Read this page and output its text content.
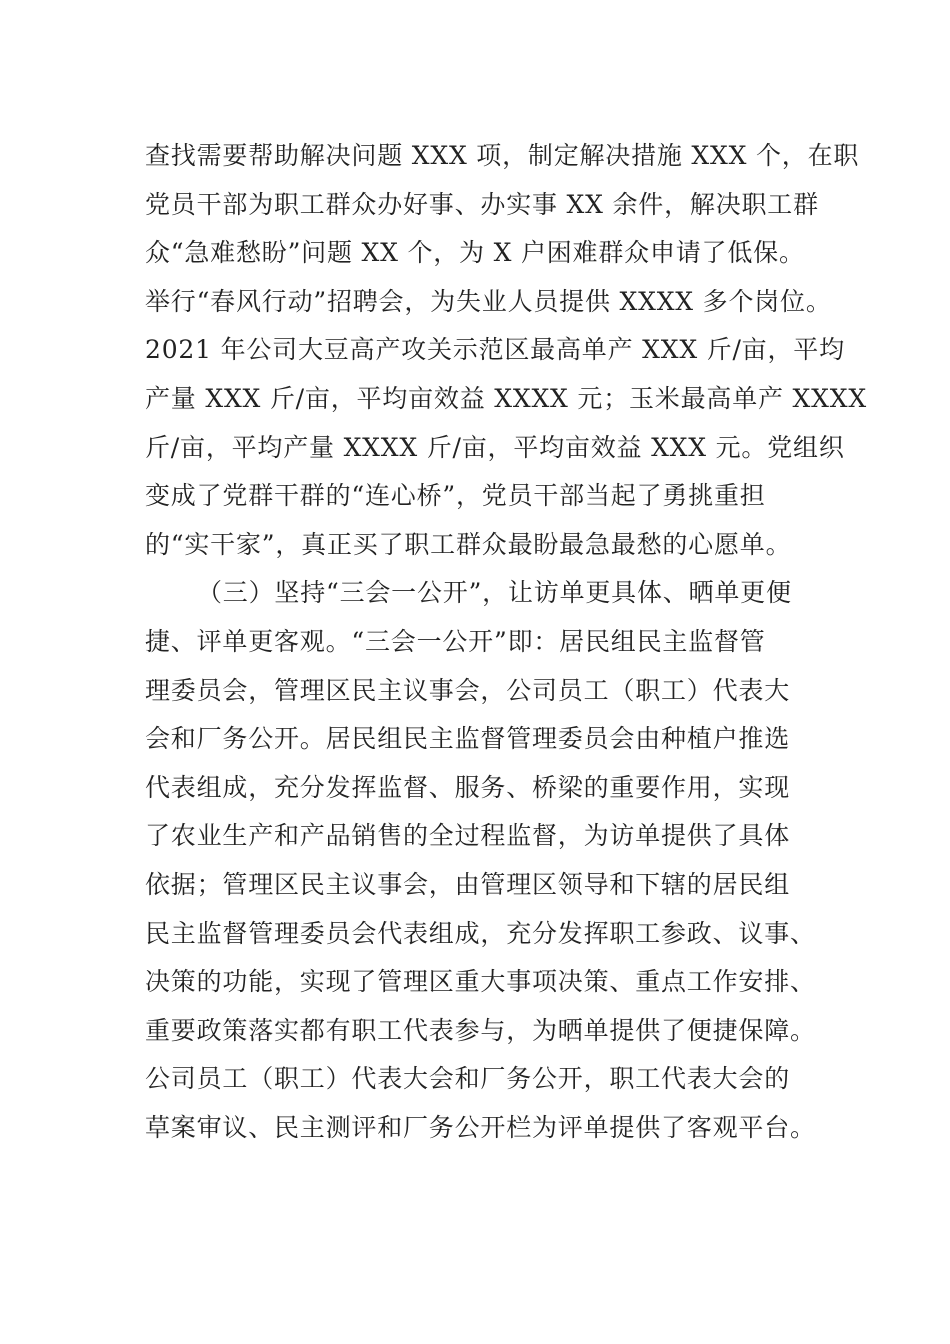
查找需要帮助解决问题 XXX 项，制定解决措施 XXX 个，在职
党员干部为职工群众办好事、办实事 XX 余件，解决职工群
众“急难愁盼”问题 XX 个，为 X 户困难群众申请了低保。
举行“春风行动”招聘会，为失业人员提供 XXXX 多个岗位。
2021 年公司大豆高产攻关示范区最高单产 XXX 斤/亩，平均
产量 XXX 斤/亩，平均亩效益 XXXX 元；玉米最高单产 XXXX
斤/亩，平均产量 XXXX 斤/亩，平均亩效益 XXX 元。党组织
变成了党群干群的“连心桥”，党员干部当起了勇挑重担
的“实干家”，真正买了职工群众最盼最急最愁的心愿单。
（三）坚持“三会一公开”，让访单更具体、晒单更便
捷、评单更客观。“三会一公开”即：居民组民主监督管
理委员会，管理区民主议事会，公司员工（职工）代表大
会和厂务公开。居民组民主监督管理委员会由种植户推选
代表组成，充分发挥监督、服务、桥梁的重要作用，实现
了农业生产和产品销售的全过程监督，为访单提供了具体
依据；管理区民主议事会，由管理区领导和下辖的居民组
民主监督管理委员会代表组成，充分发挥职工参政、议事、
决策的功能，实现了管理区重大事项决策、重点工作安排、
重要政策落实都有职工代表参与，为晒单提供了便捷保障。
公司员工（职工）代表大会和厂务公开，职工代表大会的
草案审议、民主测评和厂务公开栏为评单提供了客观平台。
